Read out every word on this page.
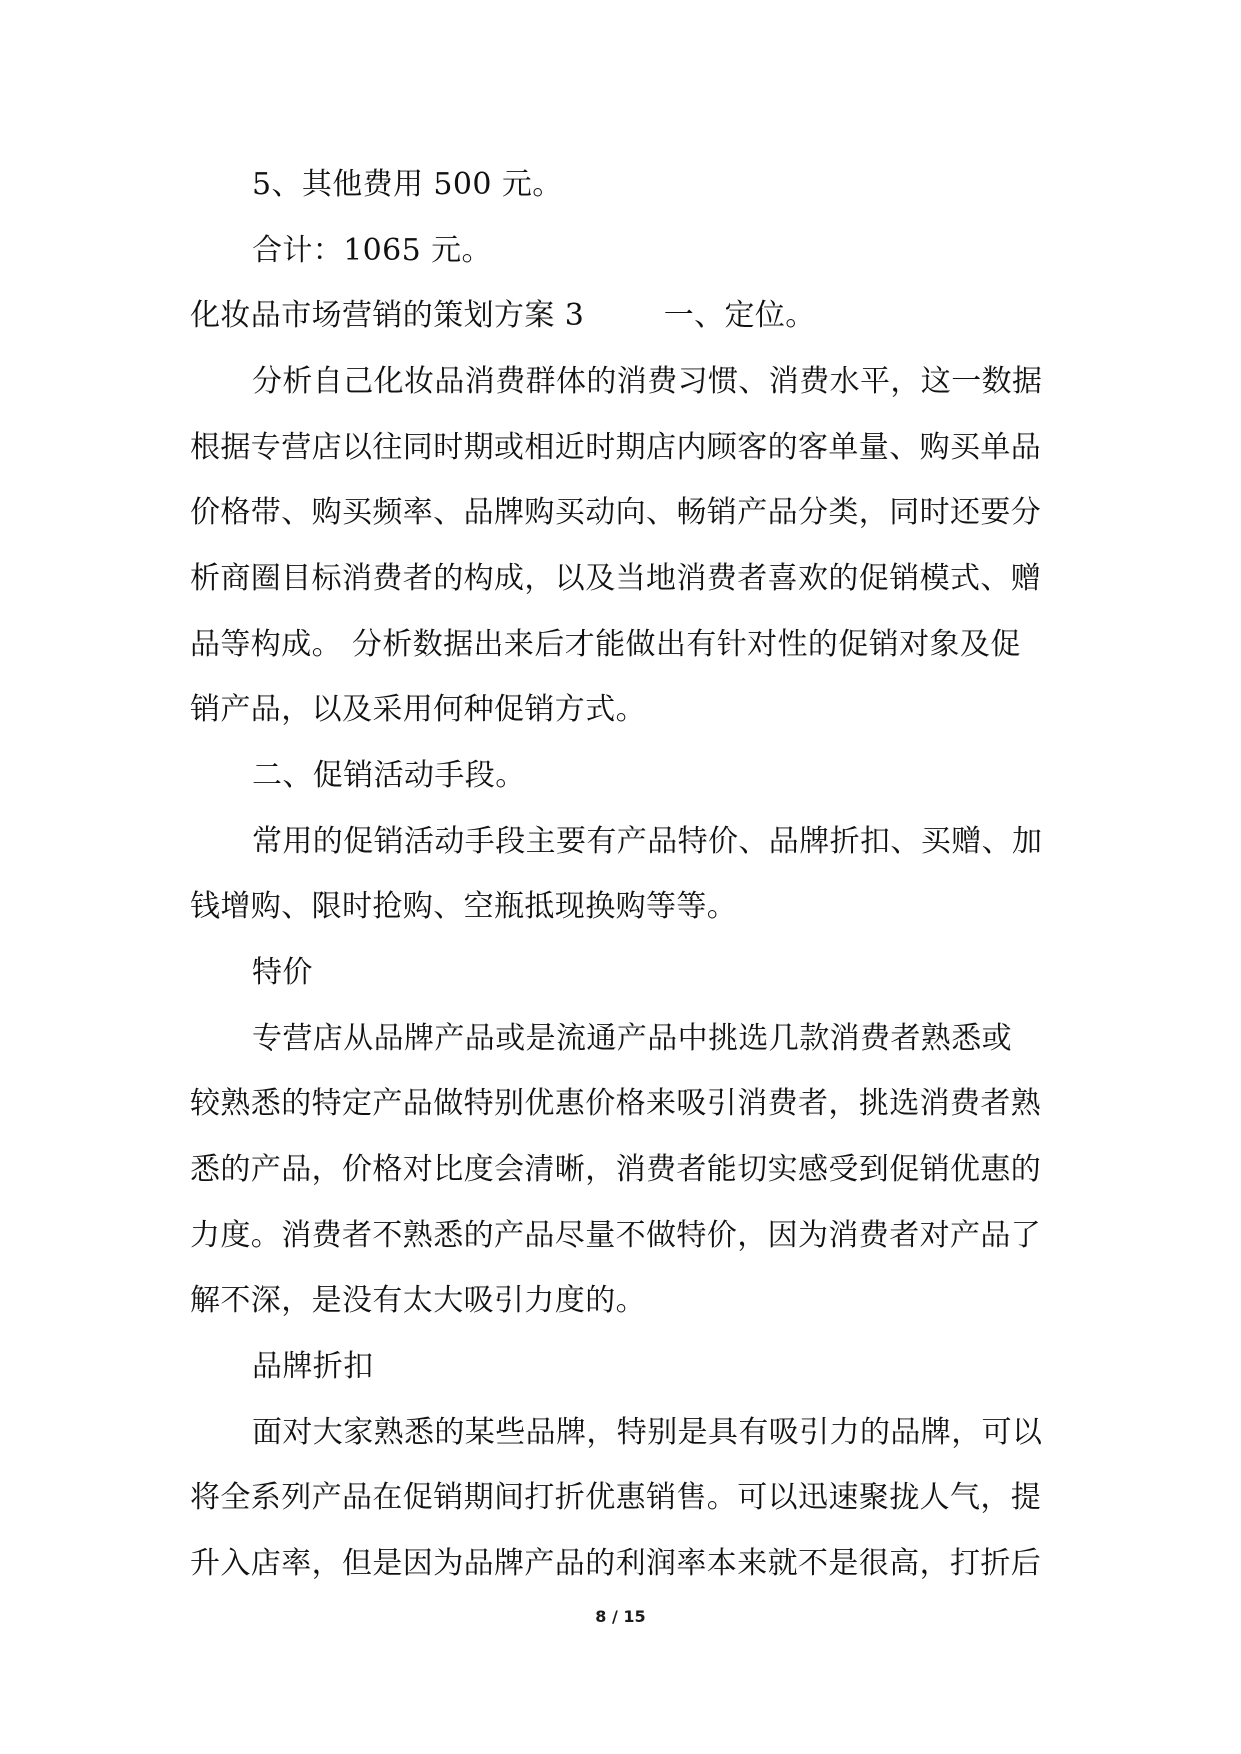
5、其他费用 500 元。
合计：1065 元。
化妆品市场营销的策划方案 3        一、定位。
分析自己化妆品消费群体的消费习惯、消费水平，这一数据
根据专营店以往同时期或相近时期店内顾客的客单量、购买单品
价格带、购买频率、品牌购买动向、畅销产品分类，同时还要分
析商圈目标消费者的构成，以及当地消费者喜欢的促销模式、赠
品等构成。 分析数据出来后才能做出有针对性的促销对象及促
销产品，以及采用何种促销方式。
二、促销活动手段。
常用的促销活动手段主要有产品特价、品牌折扣、买赠、加
钱增购、限时抢购、空瓶抵现换购等等。
特价
专营店从品牌产品或是流通产品中挑选几款消费者熟悉或
较熟悉的特定产品做特别优惠价格来吸引消费者，挑选消费者熟
悉的产品，价格对比度会清晰，消费者能切实感受到促销优惠的
力度。消费者不熟悉的产品尽量不做特价，因为消费者对产品了
解不深，是没有太大吸引力度的。
品牌折扣
面对大家熟悉的某些品牌，特别是具有吸引力的品牌，可以
将全系列产品在促销期间打折优惠销售。可以迅速聚拢人气，提
升入店率，但是因为品牌产品的利润率本来就不是很高，打折后
8 / 15
